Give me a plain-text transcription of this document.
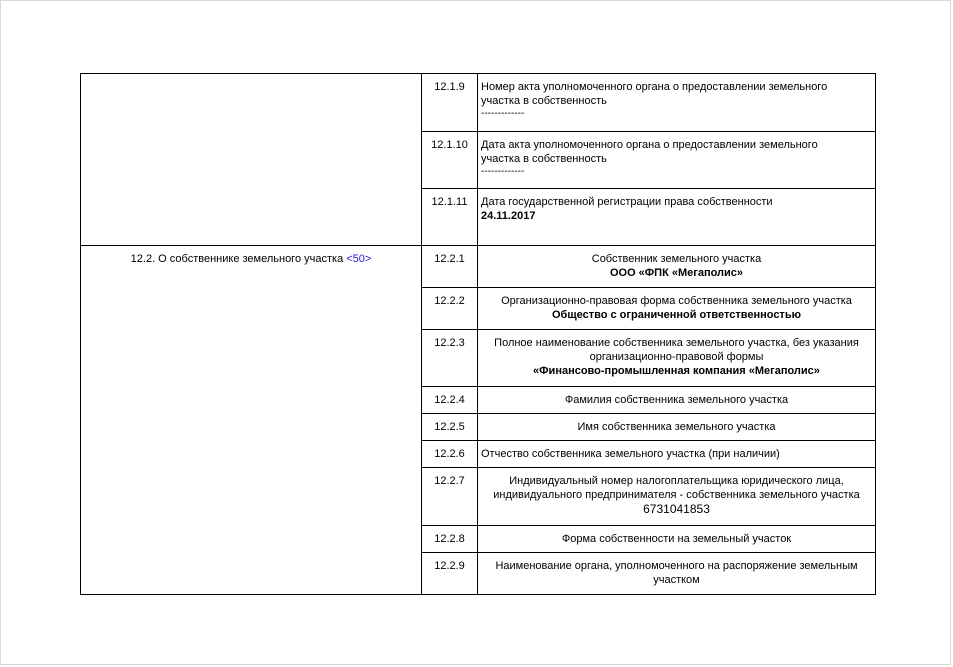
	12.1.9	Номер акта уполномоченного органа о предоставлении земельного
участка в собственность
-------------

	12.1.10	Дата акта уполномоченного органа о предоставлении земельного
участка в собственность
-------------

	12.1.11	Дата государственной регистрации права собственности
24.11.2017

12.2. О собственнике земельного участка <50>	12.2.1	Собственник земельного участка
ООО «ФПК «Мегаполис»

	12.2.2	Организационно-правовая форма собственника земельного участка
Общество с ограниченной ответственностью

	12.2.3	Полное наименование собственника земельного участка, без указания
организационно-правовой формы
«Финансово-промышленная компания «Мегаполис»

	12.2.4	Фамилия собственника земельного участка

	12.2.5	Имя собственника земельного участка

	12.2.6	Отчество собственника земельного участка (при наличии)

	12.2.7	Индивидуальный номер налогоплательщика юридического лица,
индивидуального предпринимателя - собственника земельного участка
6731041853

	12.2.8	Форма собственности на земельный участок

	12.2.9	Наименование органа, уполномоченного на распоряжение земельным
участком
